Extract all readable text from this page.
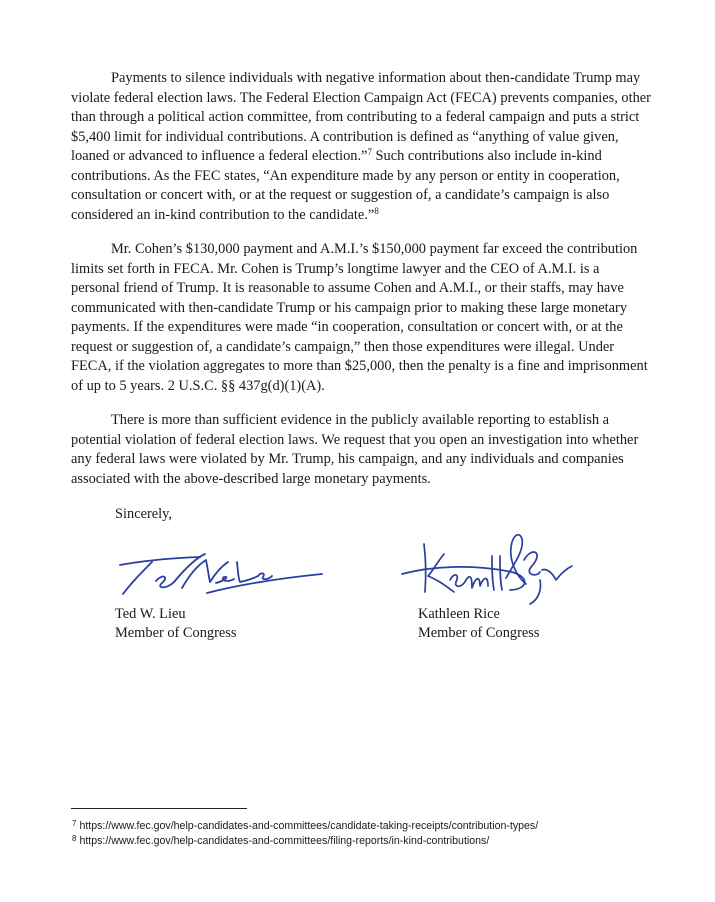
Payments to silence individuals with negative information about then-candidate Trump may violate federal election laws. The Federal Election Campaign Act (FECA) prevents companies, other than through a political action committee, from contributing to a federal campaign and puts a strict $5,400 limit for individual contributions. A contribution is defined as “anything of value given, loaned or advanced to influence a federal election.”$^7$ Such contributions also include in-kind contributions. As the FEC states, “An expenditure made by any person or entity in cooperation, consultation or concert with, or at the request or suggestion of, a candidate’s campaign is also considered an in-kind contribution to the candidate.”$^8$

Mr. Cohen’s $130,000 payment and A.M.I.’s $150,000 payment far exceed the contribution limits set forth in FECA. Mr. Cohen is Trump’s longtime lawyer and the CEO of A.M.I. is a personal friend of Trump. It is reasonable to assume Cohen and A.M.I., or their staffs, may have communicated with then-candidate Trump or his campaign prior to making these large monetary payments. If the expenditures were made “in cooperation, consultation or concert with, or at the request or suggestion of, a candidate’s campaign,” then those expenditures were illegal. Under FECA, if the violation aggregates to more than $25,000, then the penalty is a fine and imprisonment of up to 5 years. 2 U.S.C. §§ 437g(d)(1)(A).

There is more than sufficient evidence in the publicly available reporting to establish a potential violation of federal election laws. We request that you open an investigation into whether any federal laws were violated by Mr. Trump, his campaign, and any individuals and companies associated with the above-described large monetary payments.

Sincerely,

Ted W. Lieu

Member of Congress

Kathleen Rice

Member of Congress

$^7$ https://www.fec.gov/help-candidates-and-committees/candidate-taking-receipts/contribution-types/

$^8$ https://www.fec.gov/help-candidates-and-committees/filing-reports/in-kind-contributions/
